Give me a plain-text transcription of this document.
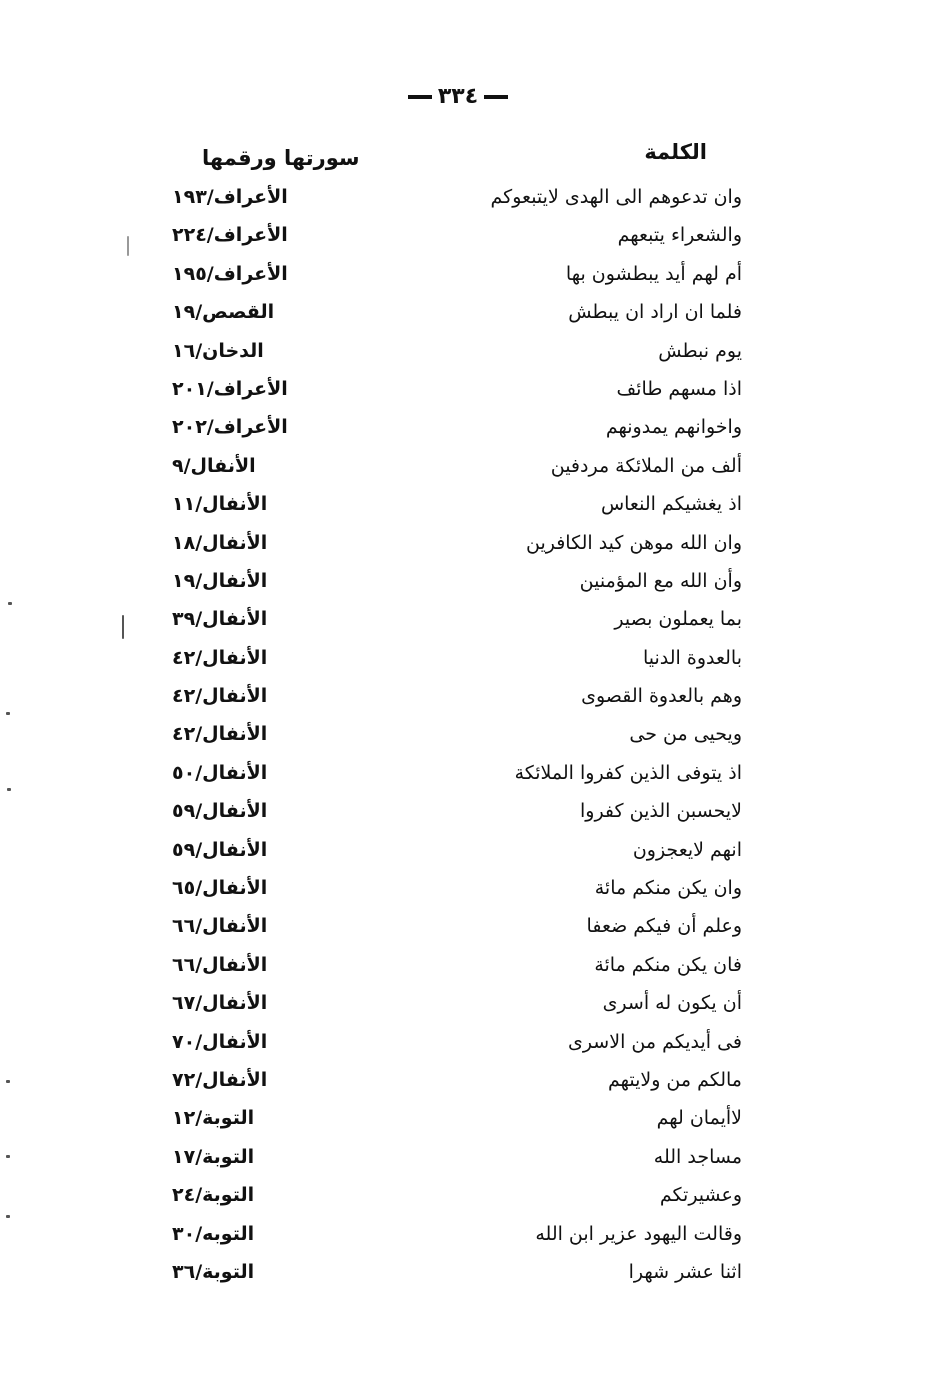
٣٣٤
الكلمة
سورتها ورقمها
وان تدعوهم الى الهدى لايتبعوكم
الأعراف/١٩٣
والشعراء يتبعهم
الأعراف/٢٢٤
أم لهم أيد يبطشون بها
الأعراف/١٩٥
فلما ان اراد ان يبطش
القصص/١٩
يوم نبطش
الدخان/١٦
اذا مسهم طائف
الأعراف/٢٠١
واخوانهم يمدونهم
الأعراف/٢٠٢
ألف من الملائكة مردفين
الأنفال/٩
اذ يغشيكم النعاس
الأنفال/١١
وان الله موهن كيد الكافرين
الأنفال/١٨
وأن الله مع المؤمنين
الأنفال/١٩
بما يعملون بصير
الأنفال/٣٩
بالعدوة الدنيا
الأنفال/٤٢
وهم بالعدوة القصوى
الأنفال/٤٢
ويحيى من حى
الأنفال/٤٢
اذ يتوفى الذين كفروا الملائكة
الأنفال/٥٠
لايحسبن الذين كفروا
الأنفال/٥٩
انهم لايعجزون
الأنفال/٥٩
وان يكن منكم مائة
الأنفال/٦٥
وعلم أن فيكم ضعفا
الأنفال/٦٦
فان يكن منكم مائة
الأنفال/٦٦
أن يكون له أسرى
الأنفال/٦٧
فى أيديكم من الاسرى
الأنفال/٧٠
مالكم من ولايتهم
الأنفال/٧٢
لاأيمان لهم
التوبة/١٢
مساجد الله
التوبة/١٧
وعشيرتكم
التوبة/٢٤
وقالت اليهود عزير ابن الله
التوبه/٣٠
اثنا عشر شهرا
التوبة/٣٦
